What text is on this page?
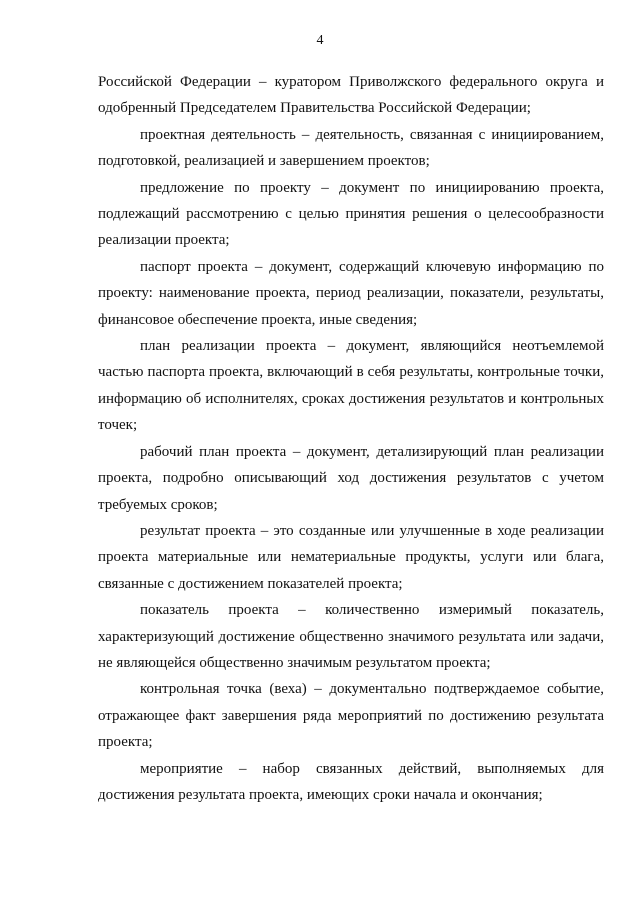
4

Российской Федерации – куратором Приволжского федерального округа и одобренный Председателем Правительства Российской Федерации;

проектная деятельность – деятельность, связанная с инициированием, подготовкой, реализацией и завершением проектов;

предложение по проекту – документ по инициированию проекта, подлежащий рассмотрению с целью принятия решения о целесообразности реализации проекта;

паспорт проекта – документ, содержащий ключевую информацию по проекту: наименование проекта, период реализации, показатели, результаты, финансовое обеспечение проекта, иные сведения;

план реализации проекта – документ, являющийся неотъемлемой частью паспорта проекта, включающий в себя результаты, контрольные точки, информацию об исполнителях, сроках достижения результатов и контрольных точек;

рабочий план проекта – документ, детализирующий план реализации проекта, подробно описывающий ход достижения результатов с учетом требуемых сроков;

результат проекта – это созданные или улучшенные в ходе реализации проекта материальные или нематериальные продукты, услуги или блага, связанные с достижением показателей проекта;

показатель проекта – количественно измеримый показатель, характеризующий достижение общественно значимого результата или задачи, не являющейся общественно значимым результатом проекта;

контрольная точка (веха) – документально подтверждаемое событие, отражающее факт завершения ряда мероприятий по достижению результата проекта;

мероприятие – набор связанных действий, выполняемых для достижения результата проекта, имеющих сроки начала и окончания;
